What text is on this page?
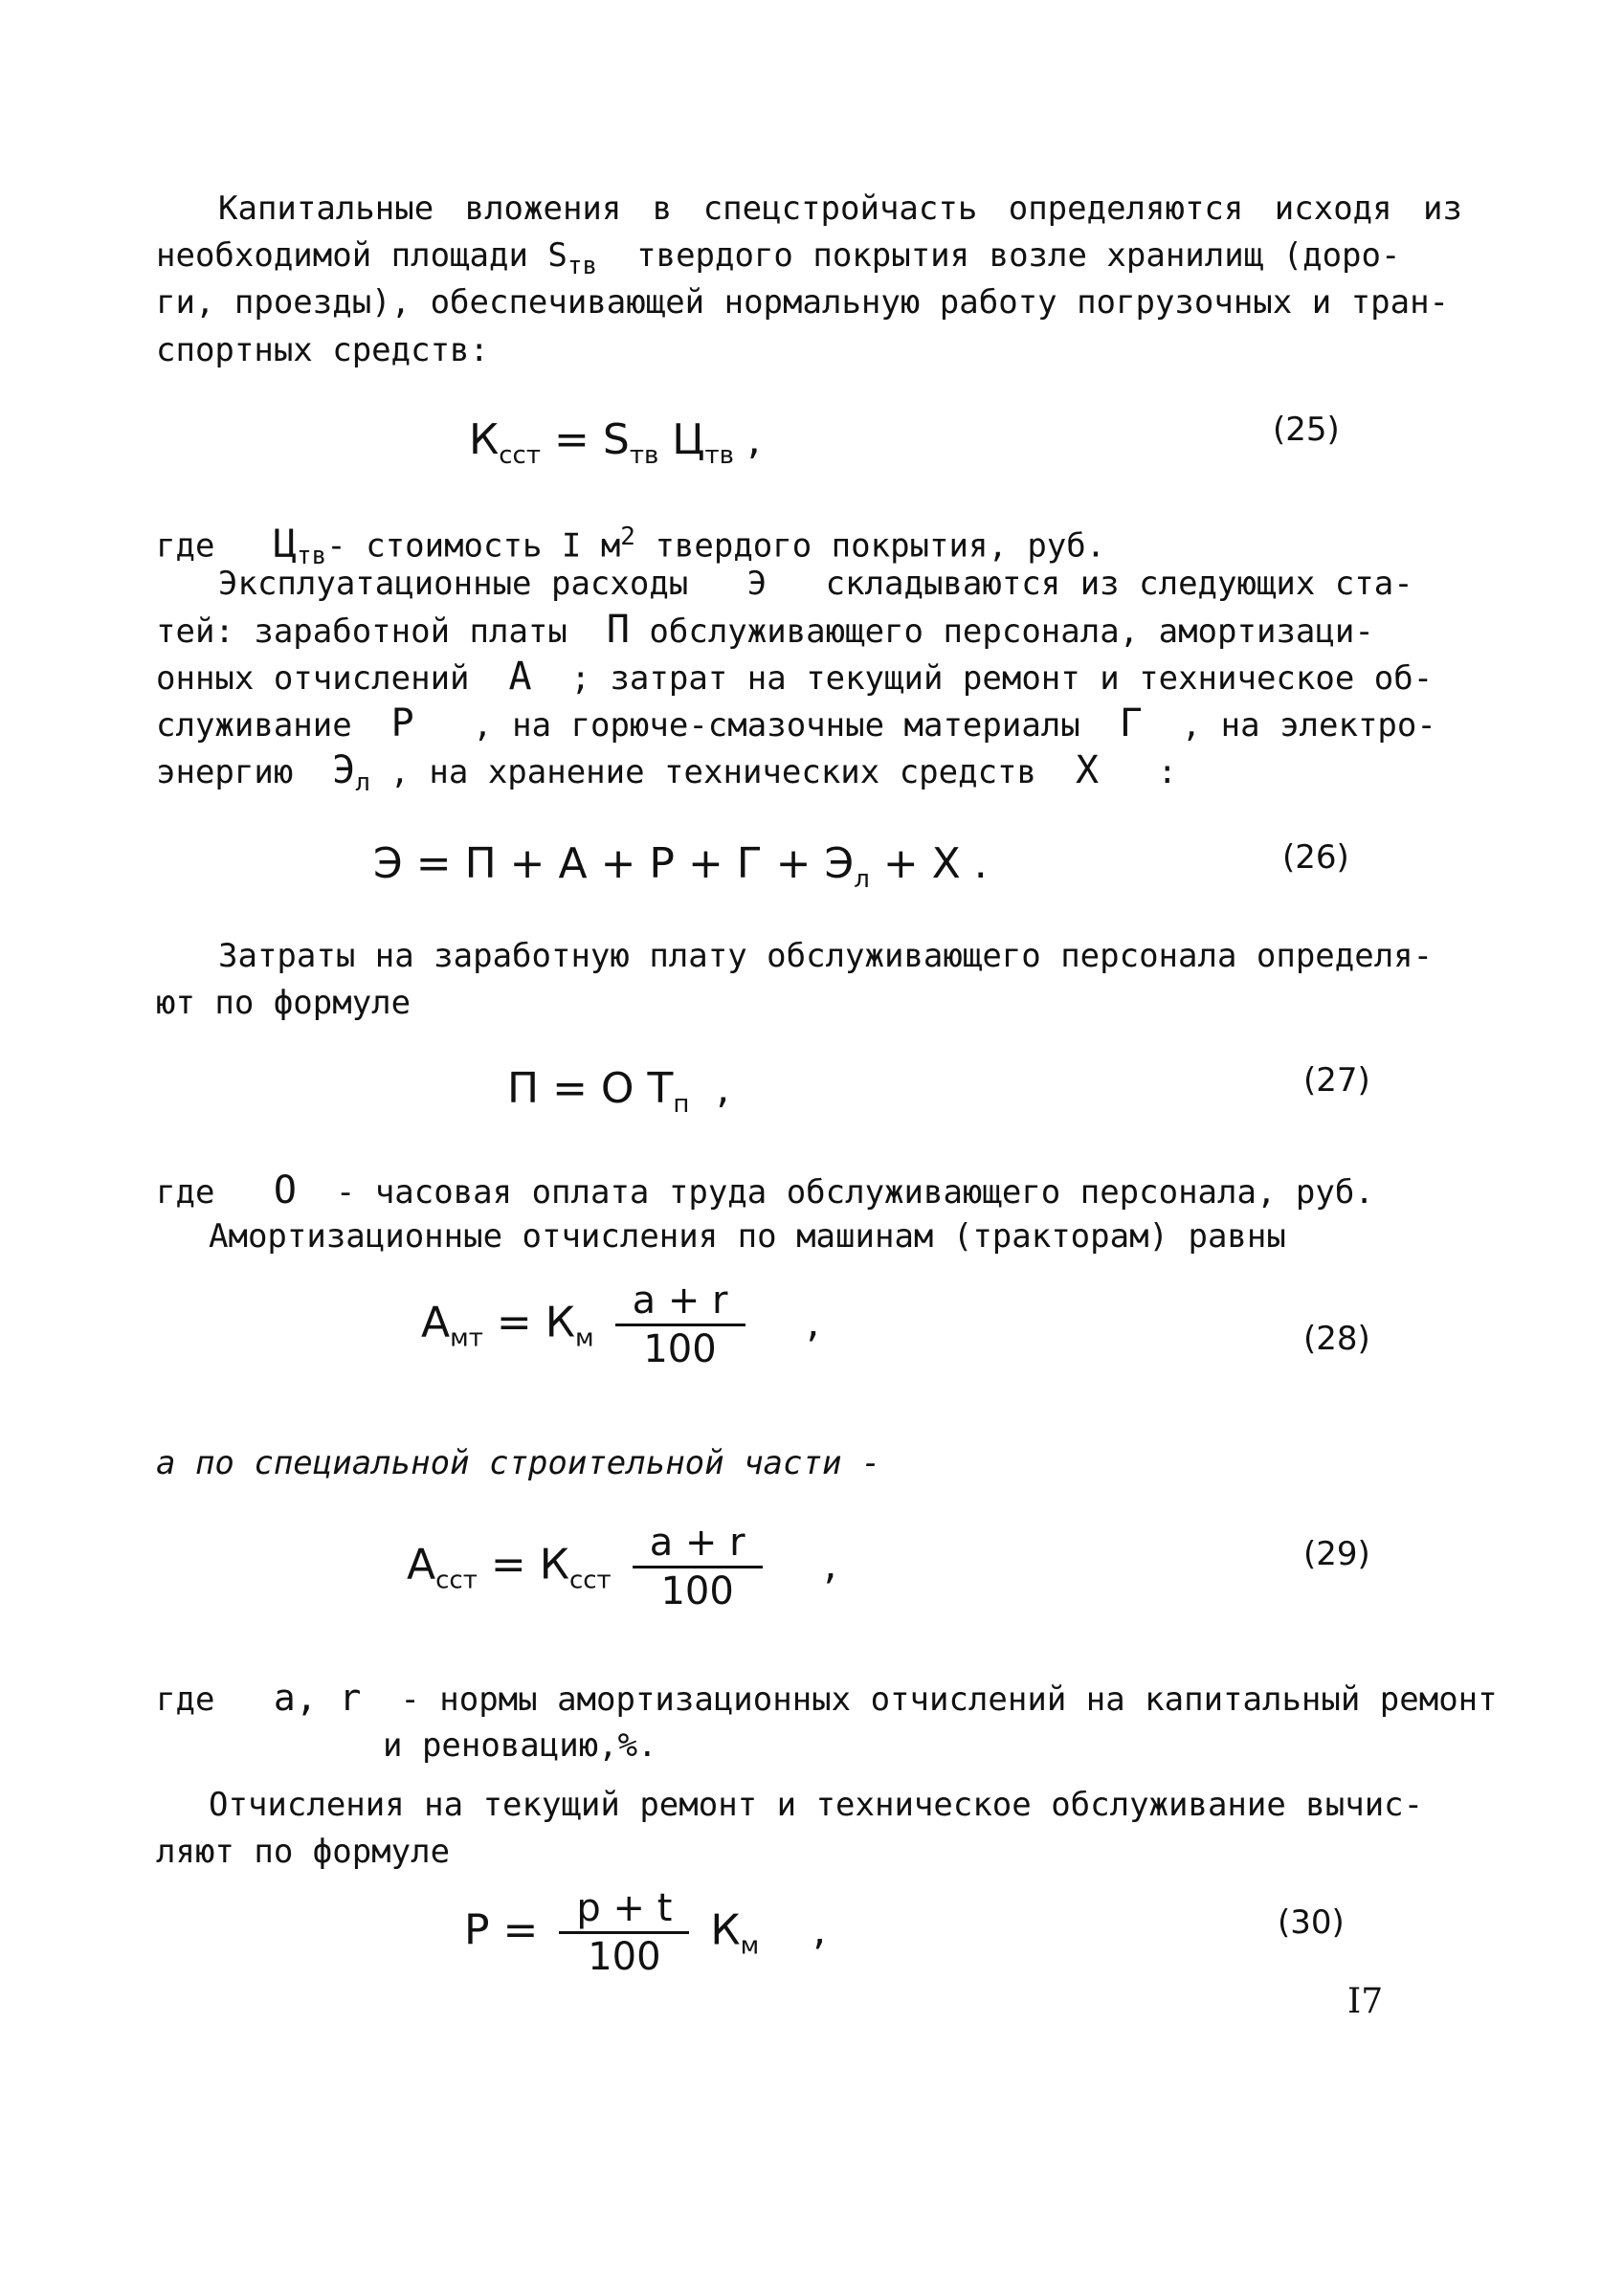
Капитальные вложения в спецстройчасть определяются исходя из
необходимой площади $S_{тв}$ твердого покрытия возле хранилищ (доро-
ги, проезды), обеспечивающей нормальную работу погрузочных и тран-
спортных средств:
$К_{сст} = S_{тв}$ $Ц_{тв}$ ,	(25)
где $Ц_{тв}-$ стоимость I $м^2$ твердого покрытия, руб.
Эксплуатационные расходы Э складываются из следующих ста-
тей: заработной платы П обслуживающего персонала, амортизаци-
онных отчислений А ; затрат на текущий ремонт и техническое об-
служивание Р , на горюче-смазочные материалы Г , на электро-
энергию $Э_л$ , на хранение технических средств Х :
$Э = П + А + Р + Г + Э_л + Х$ .	(26)
Затраты на заработную плату обслуживающего персонала определя-
ют по формуле
П = О $Т_п$ ,	(27)
где О - часовая оплата труда обслуживающего персонала, руб.
Амортизационные отчисления по машинам (тракторам) равны
$А_{мт} = К_м \frac{а + r}{100}$ ,	(28)
а по специальной строительной части -
$А_{сст} = К_{сст} \frac{а + r}{100}$ ,	(29)
где а, r - нормы амортизационных отчислений на капитальный ремонт
и реновацию,%.
Отчисления на текущий ремонт и техническое обслуживание вычис-
ляют по формуле
$Р = \frac{р + t}{100} К_м$ ,	(30)
I7
